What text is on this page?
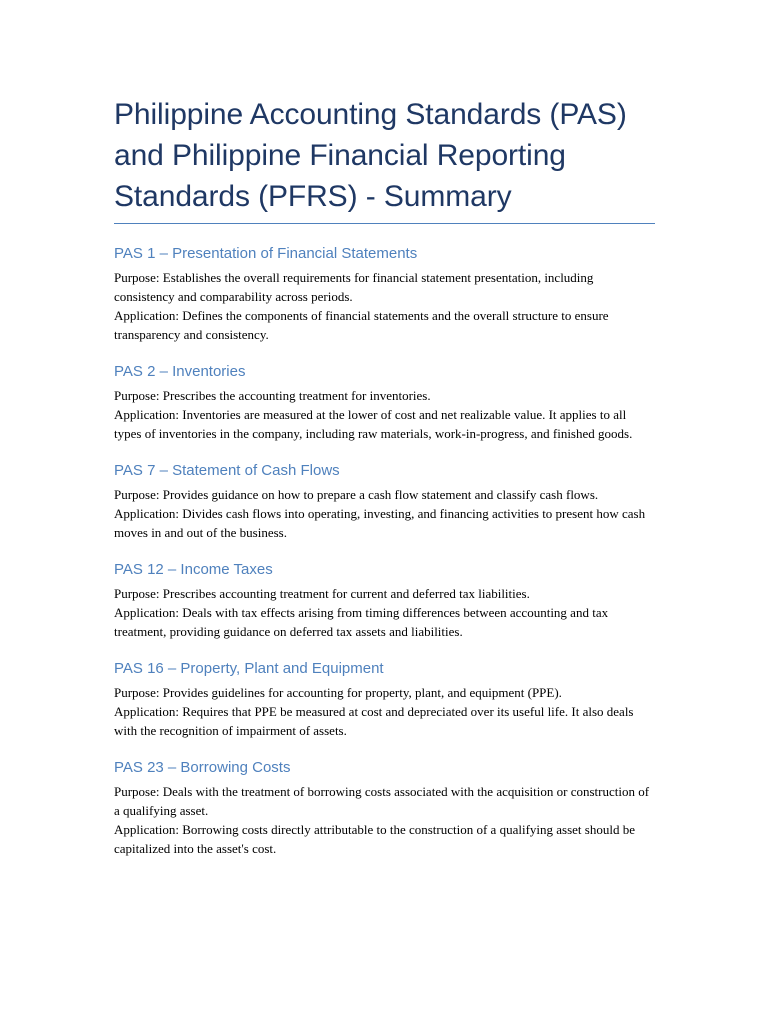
Philippine Accounting Standards (PAS) and Philippine Financial Reporting Standards (PFRS) - Summary
PAS 1 – Presentation of Financial Statements

Purpose: Establishes the overall requirements for financial statement presentation, including consistency and comparability across periods.

Application: Defines the components of financial statements and the overall structure to ensure transparency and consistency.

PAS 2 – Inventories

Purpose: Prescribes the accounting treatment for inventories.

Application: Inventories are measured at the lower of cost and net realizable value. It applies to all types of inventories in the company, including raw materials, work-in-progress, and finished goods.

PAS 7 – Statement of Cash Flows

Purpose: Provides guidance on how to prepare a cash flow statement and classify cash flows.

Application: Divides cash flows into operating, investing, and financing activities to present how cash moves in and out of the business.

PAS 12 – Income Taxes

Purpose: Prescribes accounting treatment for current and deferred tax liabilities.

Application: Deals with tax effects arising from timing differences between accounting and tax treatment, providing guidance on deferred tax assets and liabilities.

PAS 16 – Property, Plant and Equipment

Purpose: Provides guidelines for accounting for property, plant, and equipment (PPE).

Application: Requires that PPE be measured at cost and depreciated over its useful life. It also deals with the recognition of impairment of assets.

PAS 23 – Borrowing Costs

Purpose: Deals with the treatment of borrowing costs associated with the acquisition or construction of a qualifying asset.

Application: Borrowing costs directly attributable to the construction of a qualifying asset should be capitalized into the asset's cost.
